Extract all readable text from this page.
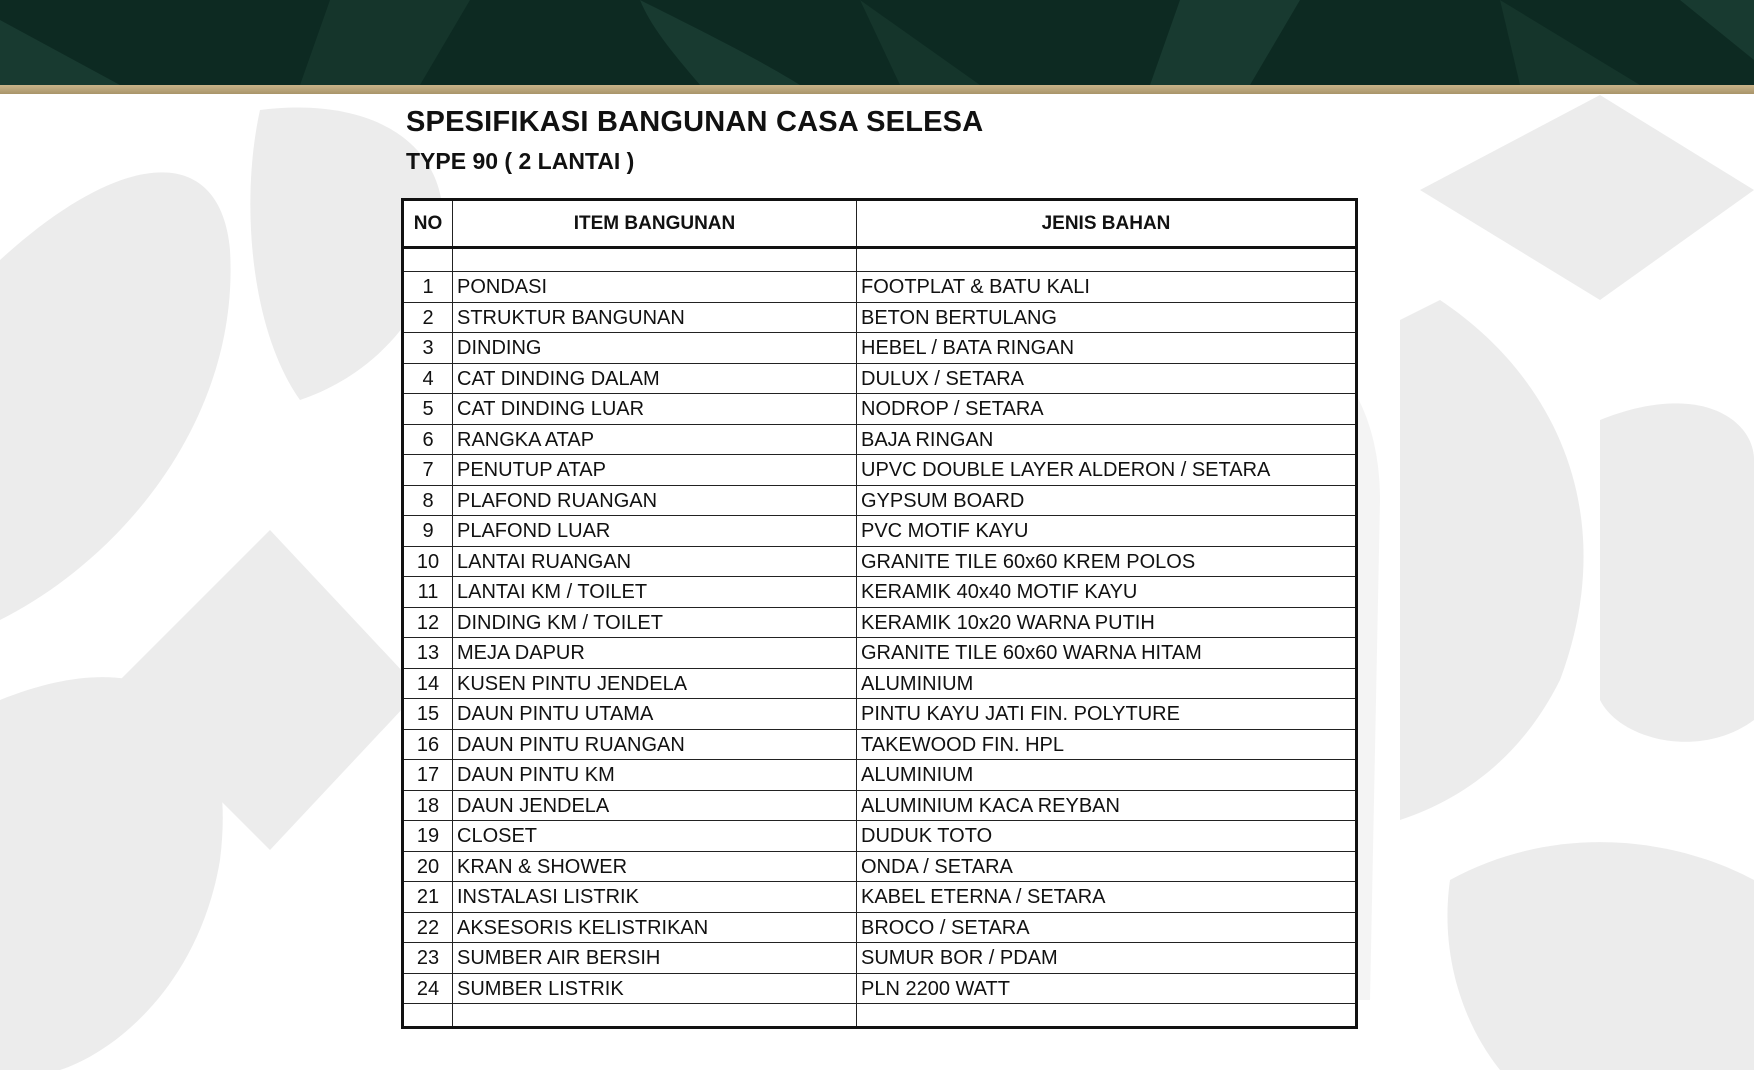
SPESIFIKASI BANGUNAN CASA SELESA
TYPE 90 ( 2 LANTAI )
NO	ITEM BANGUNAN	JENIS BAHAN

1	PONDASI	FOOTPLAT & BATU KALI
2	STRUKTUR BANGUNAN	BETON BERTULANG
3	DINDING	HEBEL / BATA RINGAN
4	CAT DINDING DALAM	DULUX / SETARA
5	CAT DINDING LUAR	NODROP / SETARA
6	RANGKA ATAP	BAJA RINGAN
7	PENUTUP ATAP	UPVC DOUBLE LAYER ALDERON / SETARA
8	PLAFOND RUANGAN	GYPSUM BOARD
9	PLAFOND LUAR	PVC MOTIF KAYU
10	LANTAI RUANGAN	GRANITE TILE 60x60 KREM POLOS
11	LANTAI KM / TOILET	KERAMIK 40x40 MOTIF KAYU
12	DINDING KM / TOILET	KERAMIK 10x20 WARNA PUTIH
13	MEJA DAPUR	GRANITE TILE 60x60 WARNA HITAM
14	KUSEN PINTU JENDELA	ALUMINIUM
15	DAUN PINTU UTAMA	PINTU KAYU JATI FIN. POLYTURE
16	DAUN PINTU RUANGAN	TAKEWOOD FIN. HPL
17	DAUN PINTU KM	ALUMINIUM
18	DAUN JENDELA	ALUMINIUM KACA REYBAN
19	CLOSET	DUDUK TOTO
20	KRAN & SHOWER	ONDA / SETARA
21	INSTALASI LISTRIK	KABEL ETERNA / SETARA
22	AKSESORIS KELISTRIKAN	BROCO / SETARA
23	SUMBER AIR BERSIH	SUMUR BOR / PDAM
24	SUMBER LISTRIK	PLN 2200 WATT
